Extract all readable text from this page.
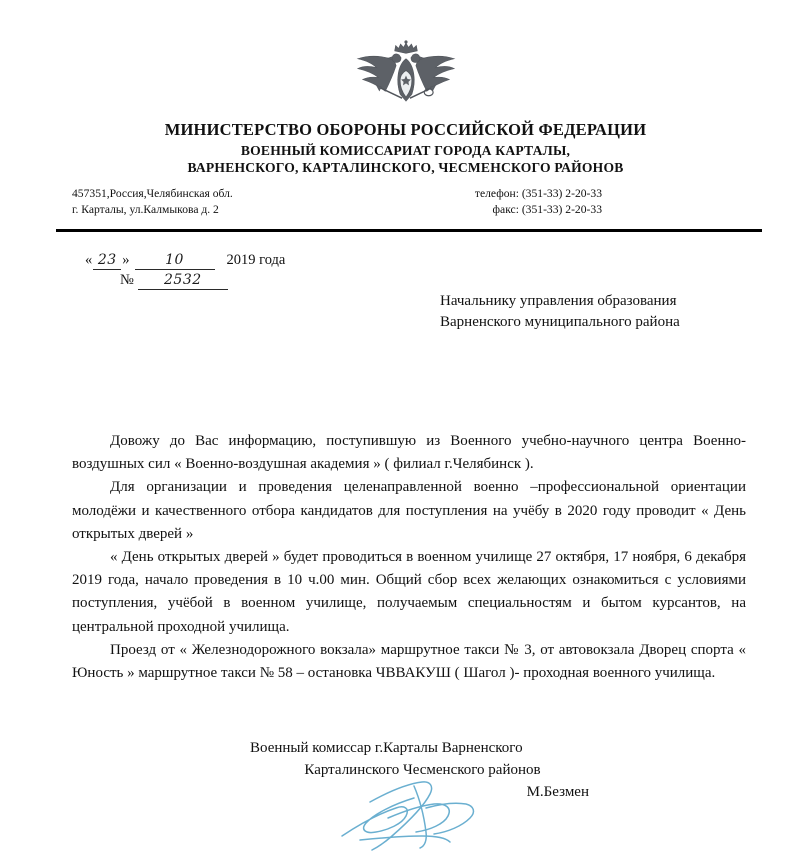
МИНИСТЕРСТВО ОБОРОНЫ РОССИЙСКОЙ ФЕДЕРАЦИИ
ВОЕННЫЙ КОМИССАРИАТ ГОРОДА КАРТАЛЫ,
ВАРНЕНСКОГО, КАРТАЛИНСКОГО, ЧЕСМЕНСКОГО РАЙОНОВ
457351,Россия,Челябинская обл.
г. Карталы, ул.Калмыкова д. 2
телефон: (351-33) 2-20-33
факс: (351-33) 2-20-33
« 23 »	10	2019 года
№	2532
Начальнику управления образования
Варненского муниципального района

Довожу до Вас информацию, поступившую из Военного учебно-научного центра Военно-воздушных сил « Военно-воздушная академия » ( филиал г.Челябинск ).

Для организации и проведения целенаправленной военно –профессиональной ориентации молодёжи и качественного отбора кандидатов для поступления на учёбу в 2020 году проводит « День открытых дверей »

« День открытых дверей » будет проводиться в военном училище 27 октября, 17 ноября, 6 декабря 2019 года, начало проведения в 10 ч.00 мин. Общий сбор всех желающих ознакомиться с условиями поступления, учёбой в военном училище, получаемым специальностям и бытом курсантов, на центральной проходной училища.

Проезд от « Железнодорожного вокзала» маршрутное такси № 3, от автовокзала Дворец спорта « Юность » маршрутное такси № 58 – остановка ЧВВАКУШ ( Шагол )- проходная военного училища.

Военный комиссар г.Карталы Варненского
Карталинского Чесменского районов
М.Безмен
